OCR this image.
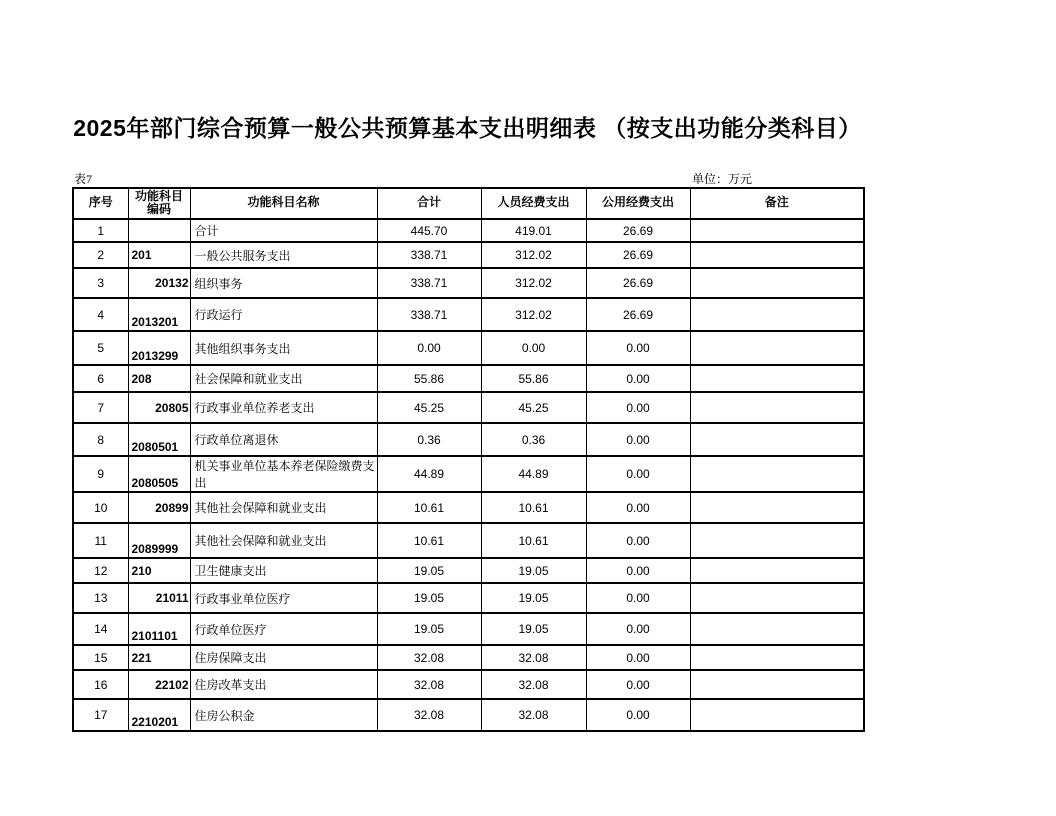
2025年部门综合预算一般公共预算基本支出明细表 （按支出功能分类科目）
表7	单位：万元
序号	功能科目编码	功能科目名称	合计	人员经费支出	公用经费支出	备注
1		合计	445.70	419.01	26.69	
2	201	一般公共服务支出	338.71	312.02	26.69	
3	20132	组织事务	338.71	312.02	26.69	
4	2013201	行政运行	338.71	312.02	26.69	
5	2013299	其他组织事务支出	0.00	0.00	0.00	
6	208	社会保障和就业支出	55.86	55.86	0.00	
7	20805	行政事业单位养老支出	45.25	45.25	0.00	
8	2080501	行政单位离退休	0.36	0.36	0.00	
9	2080505	机关事业单位基本养老保险缴费支出	44.89	44.89	0.00	
10	20899	其他社会保障和就业支出	10.61	10.61	0.00	
11	2089999	其他社会保障和就业支出	10.61	10.61	0.00	
12	210	卫生健康支出	19.05	19.05	0.00	
13	21011	行政事业单位医疗	19.05	19.05	0.00	
14	2101101	行政单位医疗	19.05	19.05	0.00	
15	221	住房保障支出	32.08	32.08	0.00	
16	22102	住房改革支出	32.08	32.08	0.00	
17	2210201	住房公积金	32.08	32.08	0.00	
